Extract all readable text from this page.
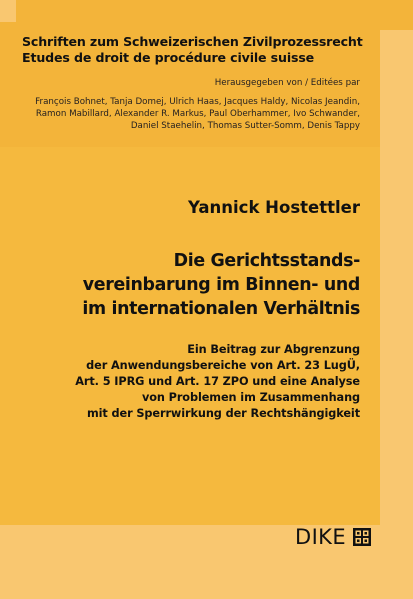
Schriften zum Schweizerischen Zivilprozessrecht
Etudes de droit de procédure civile suisse
Herausgegeben von / Editées par
François Bohnet, Tanja Domej, Ulrich Haas, Jacques Haldy, Nicolas Jeandin,
Ramon Mabillard, Alexander R. Markus, Paul Oberhammer, Ivo Schwander,
Daniel Staehelin, Thomas Sutter-Somm, Denis Tappy
Yannick Hostettler
Die Gerichtsstands-
vereinbarung im Binnen- und
im internationalen Verhältnis
Ein Beitrag zur Abgrenzung
der Anwendungsbereiche von Art. 23 LugÜ,
Art. 5 IPRG und Art. 17 ZPO und eine Analyse
von Problemen im Zusammenhang
mit der Sperrwirkung der Rechtshängigkeit
DIKE
